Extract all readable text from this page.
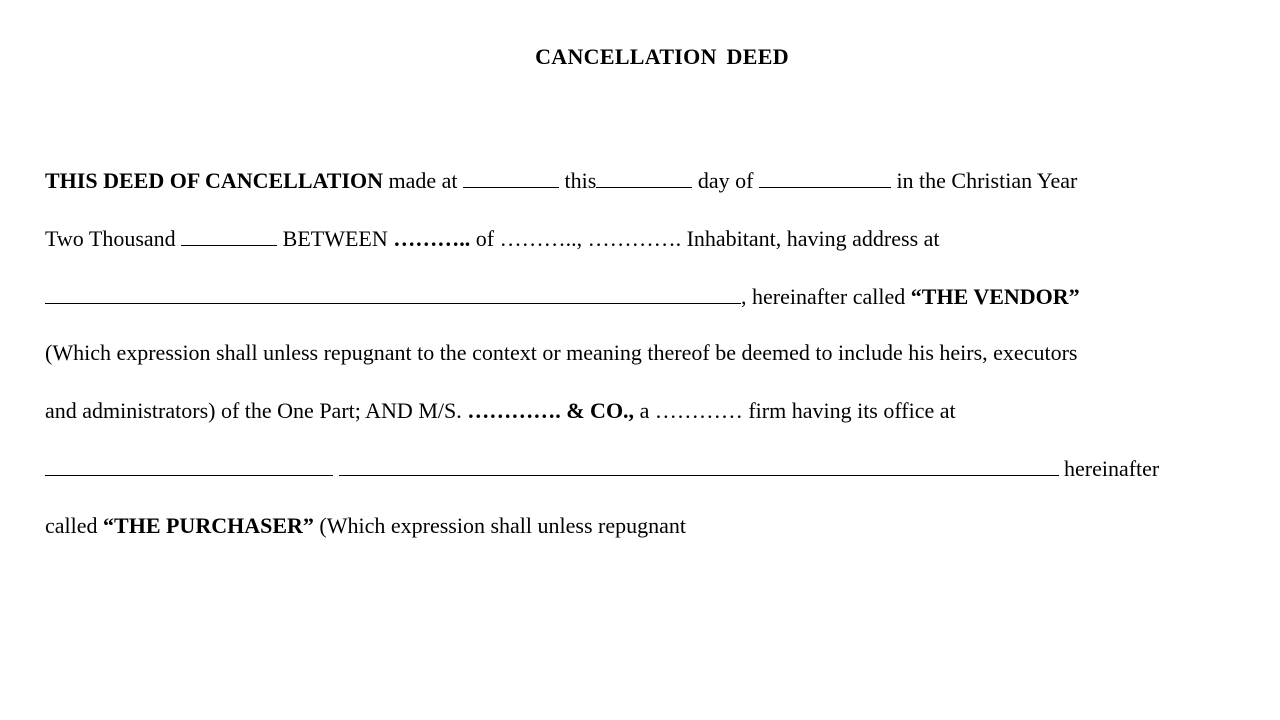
CANCELLATION DEED
THIS DEED OF CANCELLATION made at	this	day of	in the Christian Year
Two Thousand	BETWEEN ……….. of ……….., …………. Inhabitant, having address at
, hereinafter called “THE VENDOR”
(Which expression shall unless repugnant to the context or meaning thereof be deemed to include his heirs, executors
and administrators) of the One Part; AND M/S. …………. & CO., a ………… firm having its office at
hereinafter
called “THE PURCHASER” (Which expression shall unless repugnant
